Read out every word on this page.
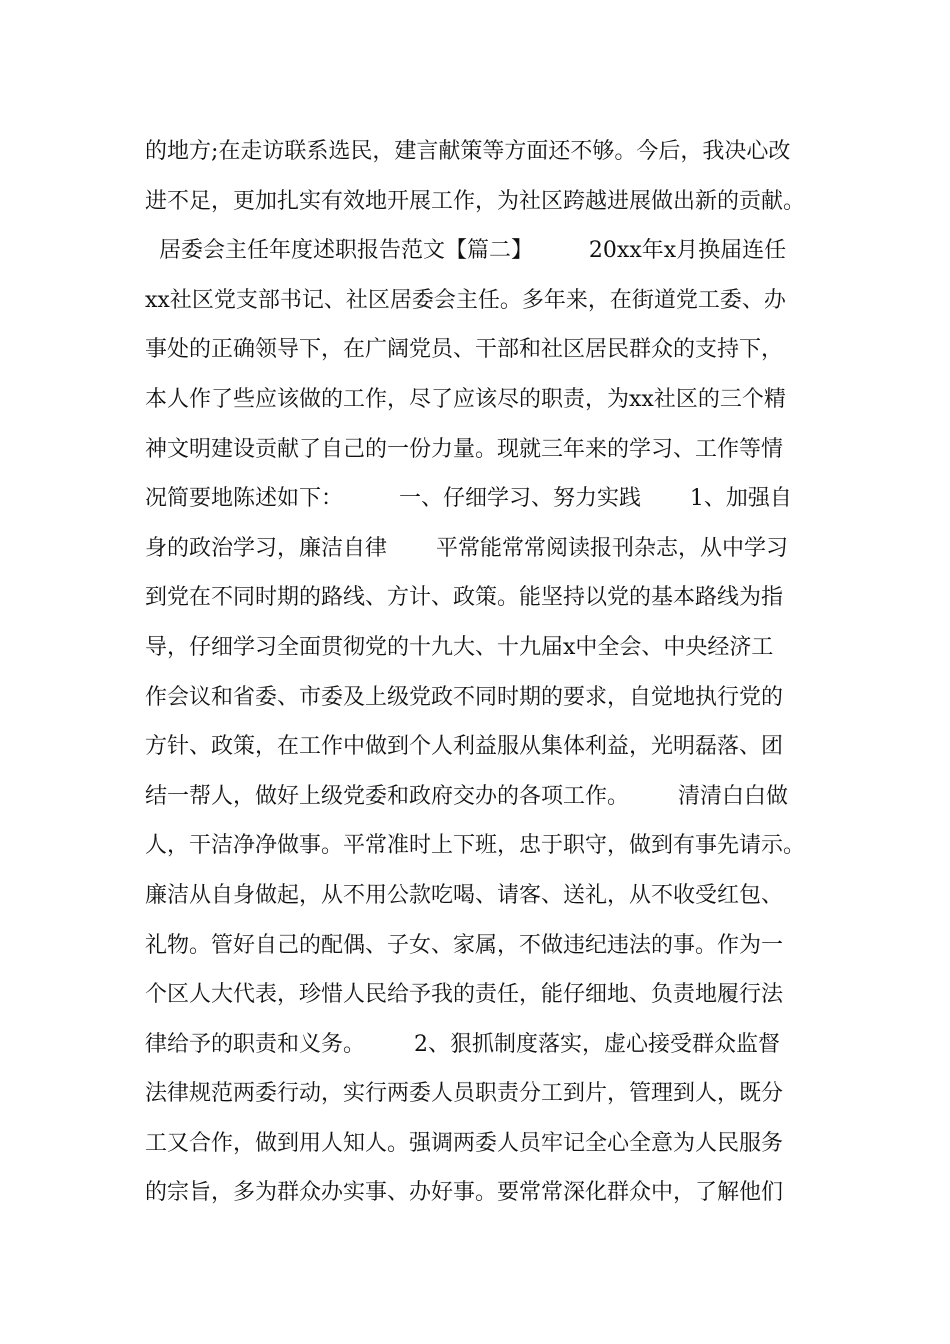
的地方;在走访联系选民，建言献策等方面还不够。今后，我决心改
进不足，更加扎实有效地开展工作，为社区跨越进展做出新的贡献。
居委会主任年度述职报告范文【篇二】        20xx年x月换届连任
xx社区党支部书记、社区居委会主任。多年来，在街道党工委、办
事处的正确领导下，在广阔党员、干部和社区居民群众的支持下，
本人作了些应该做的工作，尽了应该尽的职责，为xx社区的三个精
神文明建设贡献了自己的一份力量。现就三年来的学习、工作等情
况简要地陈述如下：        一、仔细学习、努力实践       1、加强自
身的政治学习，廉洁自律       平常能常常阅读报刊杂志，从中学习
到党在不同时期的路线、方计、政策。能坚持以党的基本路线为指
导，仔细学习全面贯彻党的十九大、十九届x中全会、中央经济工
作会议和省委、市委及上级党政不同时期的要求，自觉地执行党的
方针、政策，在工作中做到个人利益服从集体利益，光明磊落、团
结一帮人，做好上级党委和政府交办的各项工作。       清清白白做
人，干洁净净做事。平常准时上下班，忠于职守，做到有事先请示。
廉洁从自身做起，从不用公款吃喝、请客、送礼，从不收受红包、
礼物。管好自己的配偶、子女、家属，不做违纪违法的事。作为一
个区人大代表，珍惜人民给予我的责任，能仔细地、负责地履行法
律给予的职责和义务。       2、狠抓制度落实，虚心接受群众监督
法律规范两委行动，实行两委人员职责分工到片，管理到人，既分
工又合作，做到用人知人。强调两委人员牢记全心全意为人民服务
的宗旨，多为群众办实事、办好事。要常常深化群众中，了解他们
